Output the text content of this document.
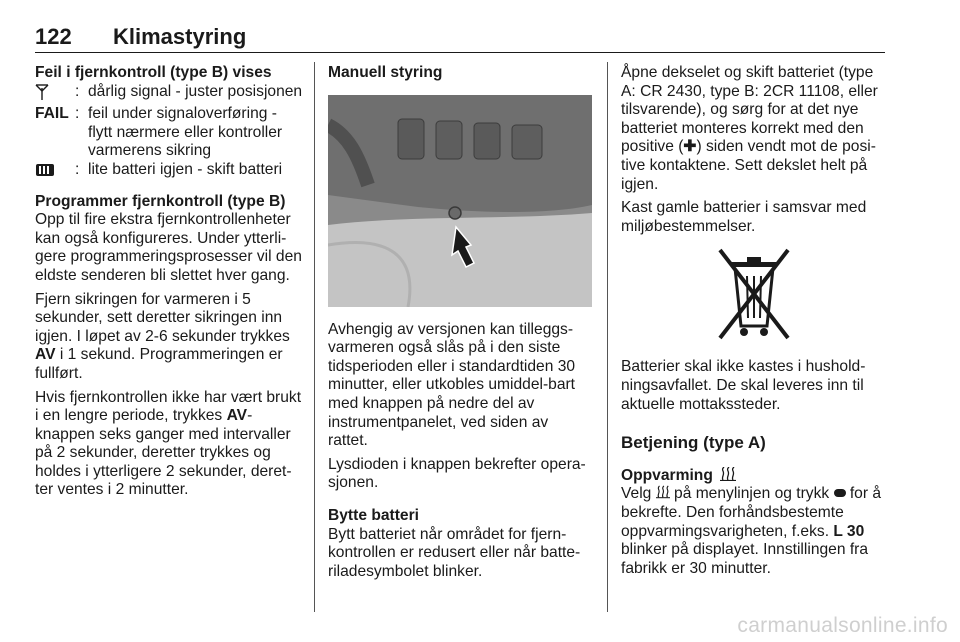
122 Klimastyring

Feil i fjernkontroll (type B) vises

: dårlig signal - juster posisjonen
FAIL : feil under signaloverføring - flytt nærmere eller kontroller varmerens sikring
: lite batteri igjen - skift batteri

Programmer fjernkontroll (type B)

Opp til fire ekstra fjernkontrollenheter kan også konfigureres. Under ytterli-gere programmeringsprosesser vil den eldste senderen bli slettet hver gang.

Fjern sikringen for varmeren i 5 sekunder, sett deretter sikringen inn igjen. I løpet av 2-6 sekunder trykkes AV i 1 sekund. Programmeringen er fullført.

Hvis fjernkontrollen ikke har vært brukt i en lengre periode, trykkes AV-knappen seks ganger med intervaller på 2 sekunder, deretter trykkes og holdes i ytterligere 2 sekunder, deret-ter ventes i 2 minutter.

Manuell styring

Avhengig av versjonen kan tilleggs-varmeren også slås på i den siste tidsperioden eller i standardtiden 30 minutter, eller utkobles umiddel-bart med knappen på nedre del av instrumentpanelet, ved siden av rattet.

Lysdioden i knappen bekrefter opera-sjonen.

Bytte batteri

Bytt batteriet når området for fjern-kontrollen er redusert eller når batte-riladesymbolet blinker.

Åpne dekselet og skift batteriet (type A: CR 2430, type B: 2CR 11108, eller tilsvarende), og sørg for at det nye batteriet monteres korrekt med den positive (✚) siden vendt mot de posi-tive kontaktene. Sett dekslet helt på igjen.

Kast gamle batterier i samsvar med miljøbestemmelser.

Batterier skal ikke kastes i hushold-ningsavfallet. De skal leveres inn til aktuelle mottakssteder.

Betjening (type A)

Oppvarming

Velg  på menylinjen og trykk  for å bekrefte. Den forhåndsbestemte oppvarmingsvarigheten, f.eks. L 30 blinker på displayet. Innstillingen fra fabrikk er 30 minutter.

carmanualsonline.info
